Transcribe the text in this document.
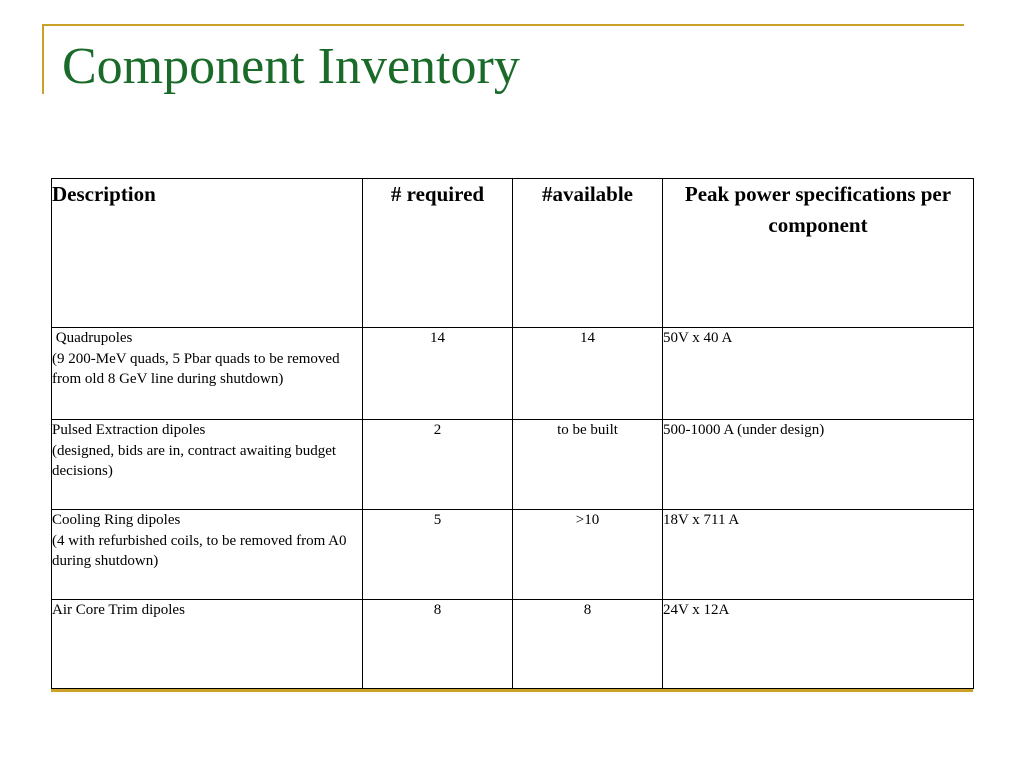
Component Inventory
Description	# required	#available	Peak power specifications per component

Quadrupoles
(9 200-MeV quads, 5 Pbar quads to be removed from old 8 GeV line during shutdown)	14	14	50V x 40 A

Pulsed Extraction dipoles
(designed, bids are in, contract awaiting budget decisions)	2	to be built	500-1000 A (under design)

Cooling Ring dipoles
(4 with refurbished coils, to be removed from A0 during shutdown)	5	>10	18V x 711 A

Air Core Trim dipoles	8	8	24V x 12A
